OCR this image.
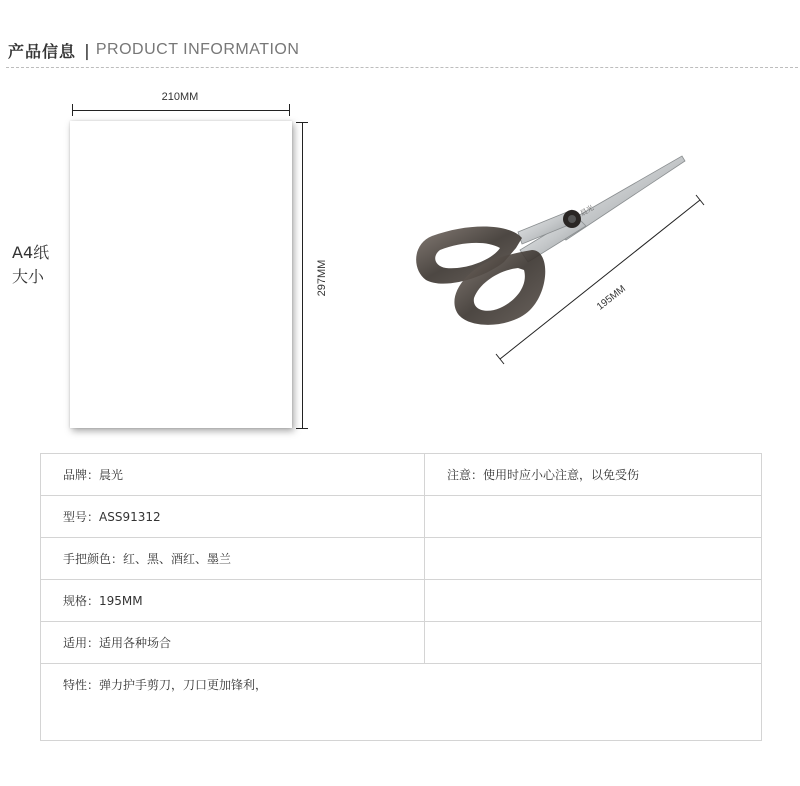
产品信息 | PRODUCT INFORMATION
210MM
297MM
A4纸
大小
晨光
195MM
品牌：晨光	注意：使用时应小心注意，以免受伤
型号：ASS91312	
手把颜色：红、黑、酒红、墨兰	
规格：195MM	
适用：适用各种场合	
特性：弹力护手剪刀，刀口更加锋利，	
